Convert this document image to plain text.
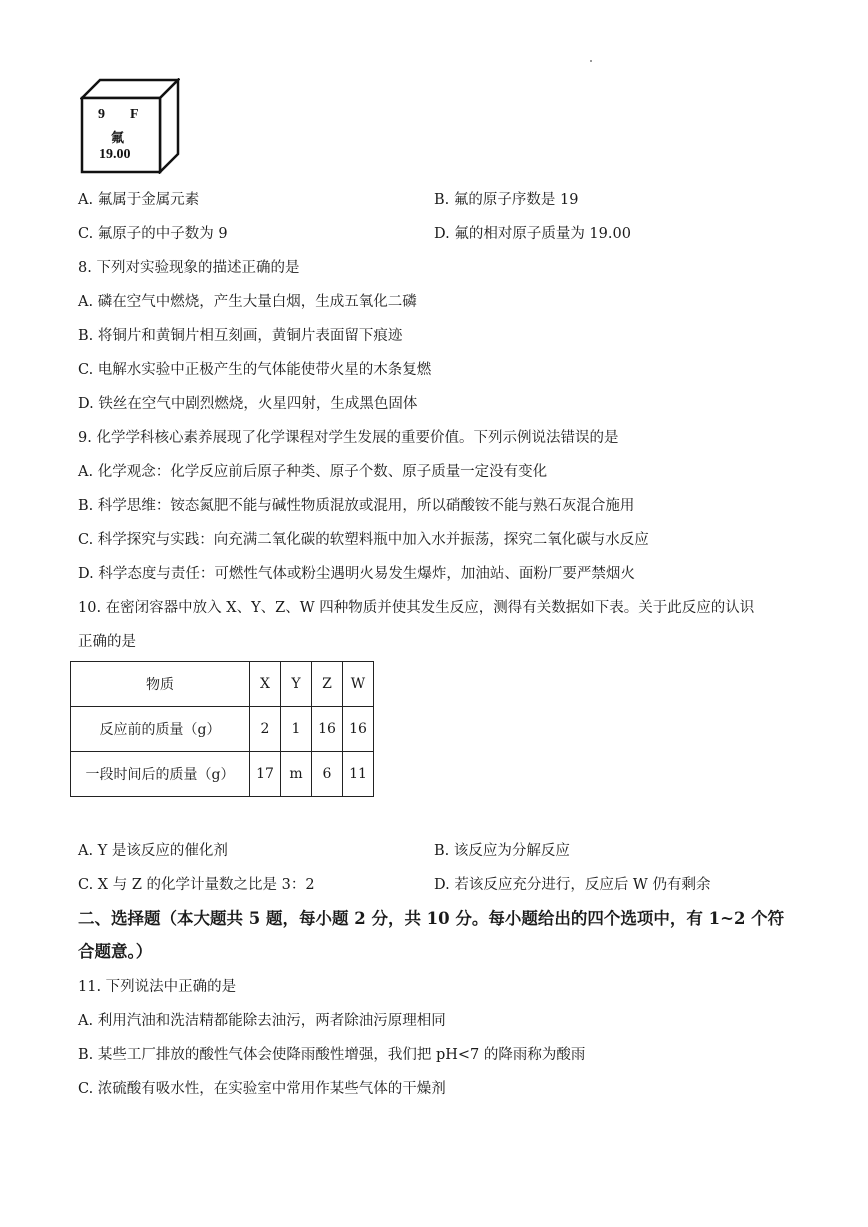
9 F
氟
19.00
A. 氟属于金属元素	B. 氟的原子序数是 19
C. 氟原子的中子数为 9	D. 氟的相对原子质量为 19.00
8. 下列对实验现象的描述正确的是
A. 磷在空气中燃烧，产生大量白烟，生成五氧化二磷
B. 将铜片和黄铜片相互刻画，黄铜片表面留下痕迹
C. 电解水实验中正极产生的气体能使带火星的木条复燃
D. 铁丝在空气中剧烈燃烧，火星四射，生成黑色固体
9. 化学学科核心素养展现了化学课程对学生发展的重要价值。下列示例说法错误的是
A. 化学观念：化学反应前后原子种类、原子个数、原子质量一定没有变化
B. 科学思维：铵态氮肥不能与碱性物质混放或混用，所以硝酸铵不能与熟石灰混合施用
C. 科学探究与实践：向充满二氧化碳的软塑料瓶中加入水并振荡，探究二氧化碳与水反应
D. 科学态度与责任：可燃性气体或粉尘遇明火易发生爆炸，加油站、面粉厂要严禁烟火
10. 在密闭容器中放入 X、Y、Z、W 四种物质并使其发生反应，测得有关数据如下表。关于此反应的认识
正确的是
物质	X	Y	Z	W
反应前的质量（g）	2	1	16	16
一段时间后的质量（g）	17	m	6	11
A. Y 是该反应的催化剂	B. 该反应为分解反应
C. X 与 Z 的化学计量数之比是 3：2	D. 若该反应充分进行，反应后 W 仍有剩余
二、选择题（本大题共 5 题，每小题 2 分，共 10 分。每小题给出的四个选项中，有 1~2 个符
合题意。）
11. 下列说法中正确的是
A. 利用汽油和洗洁精都能除去油污，两者除油污原理相同
B. 某些工厂排放的酸性气体会使降雨酸性增强，我们把 pH<7 的降雨称为酸雨
C. 浓硫酸有吸水性，在实验室中常用作某些气体的干燥剂
